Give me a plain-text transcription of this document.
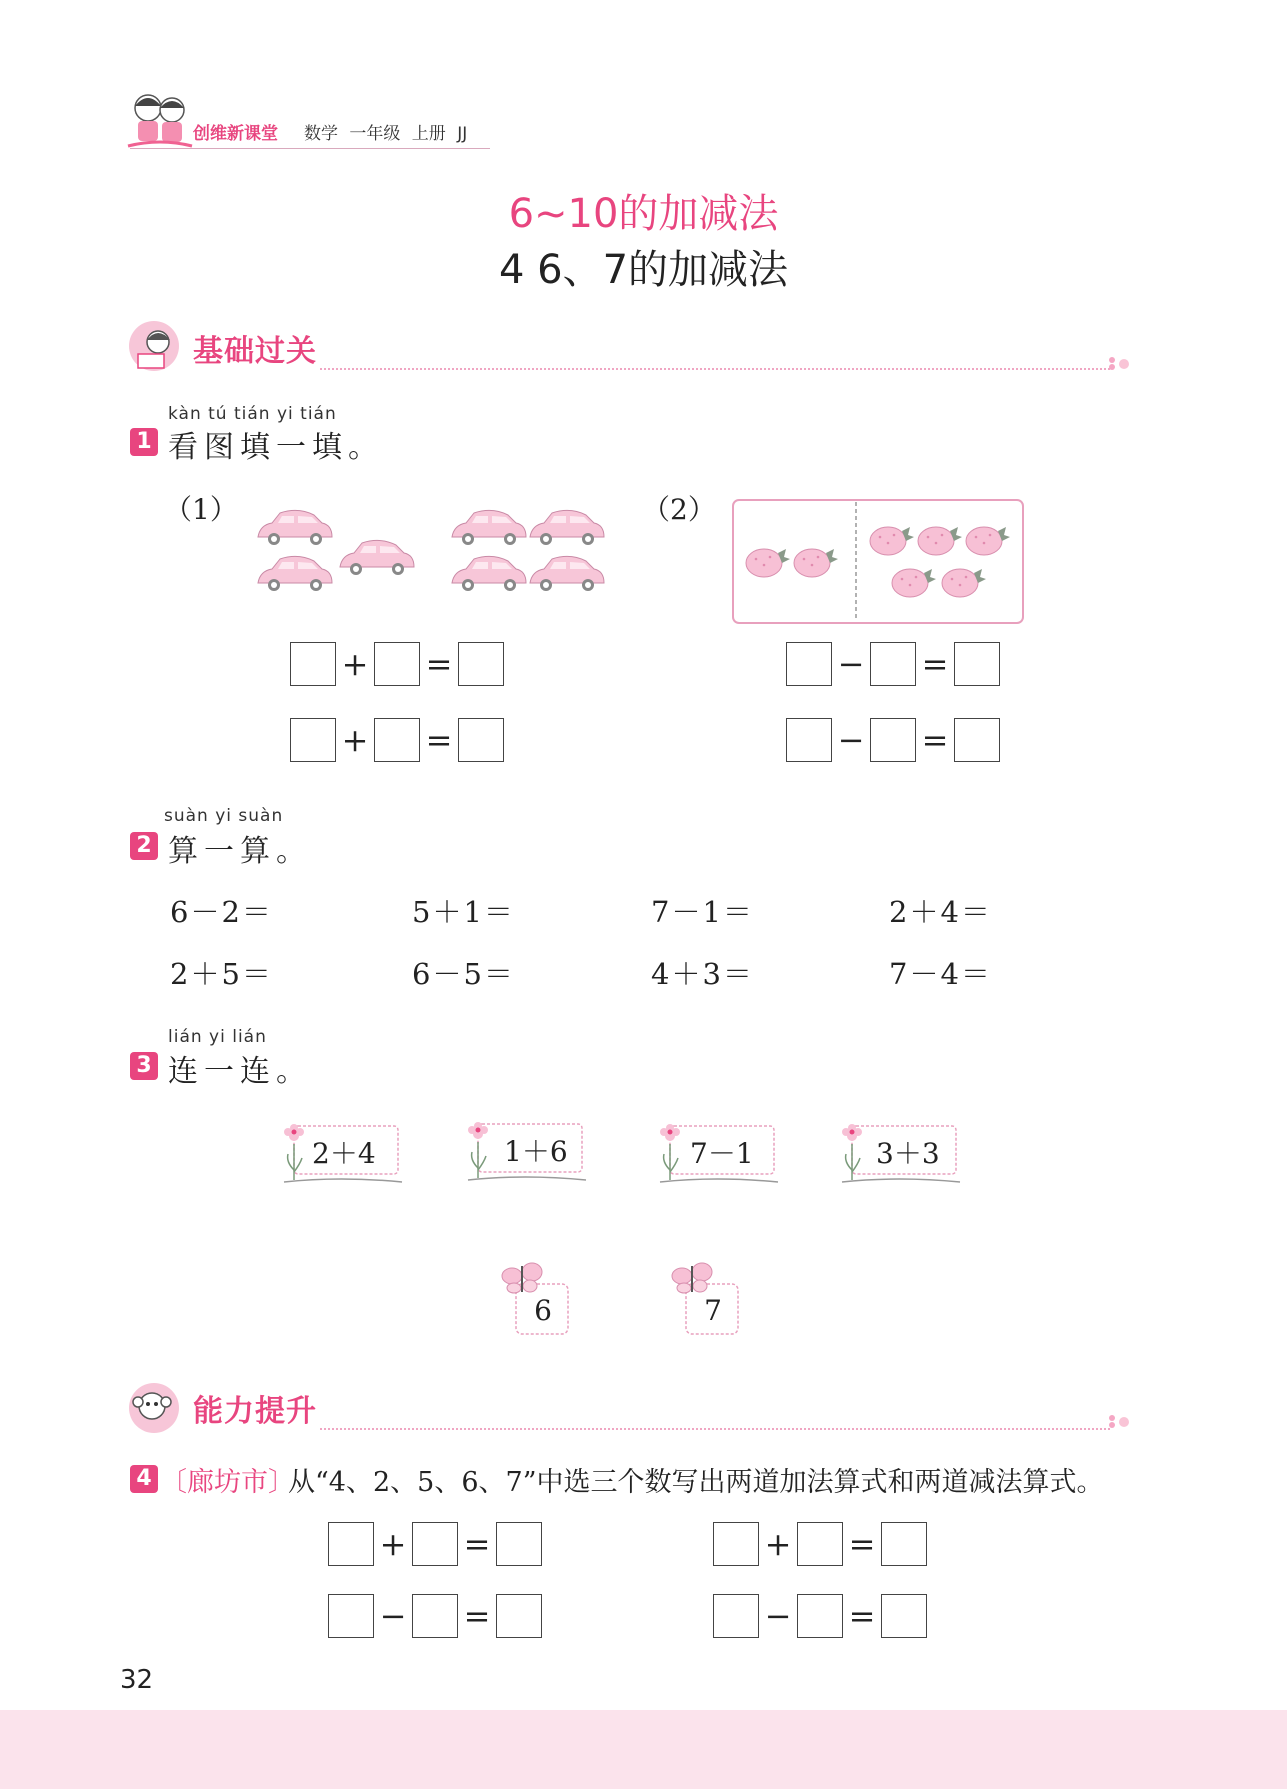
创维新课堂 数学 一年级 上册 JJ
6~10的加减法
4 6、7的加减法
基础过关
kàn tú tián yi tián
1 看图填一填。
（1）	（2）
+ =
+ =
− =
− =
suàn yi suàn
2 算一算。
6－2＝	5＋1＝	7－1＝	2＋4＝
2＋5＝	6－5＝	4＋3＝	7－4＝
lián yi lián
3 连一连。
2＋4	1＋6	7－1	3＋3
6	7
能力提升
4 〔廊坊市〕
从“4、2、5、6、7”中选三个数写出两道加法算式和两道减法算式。
+ =	+ =
− =	− =
32
